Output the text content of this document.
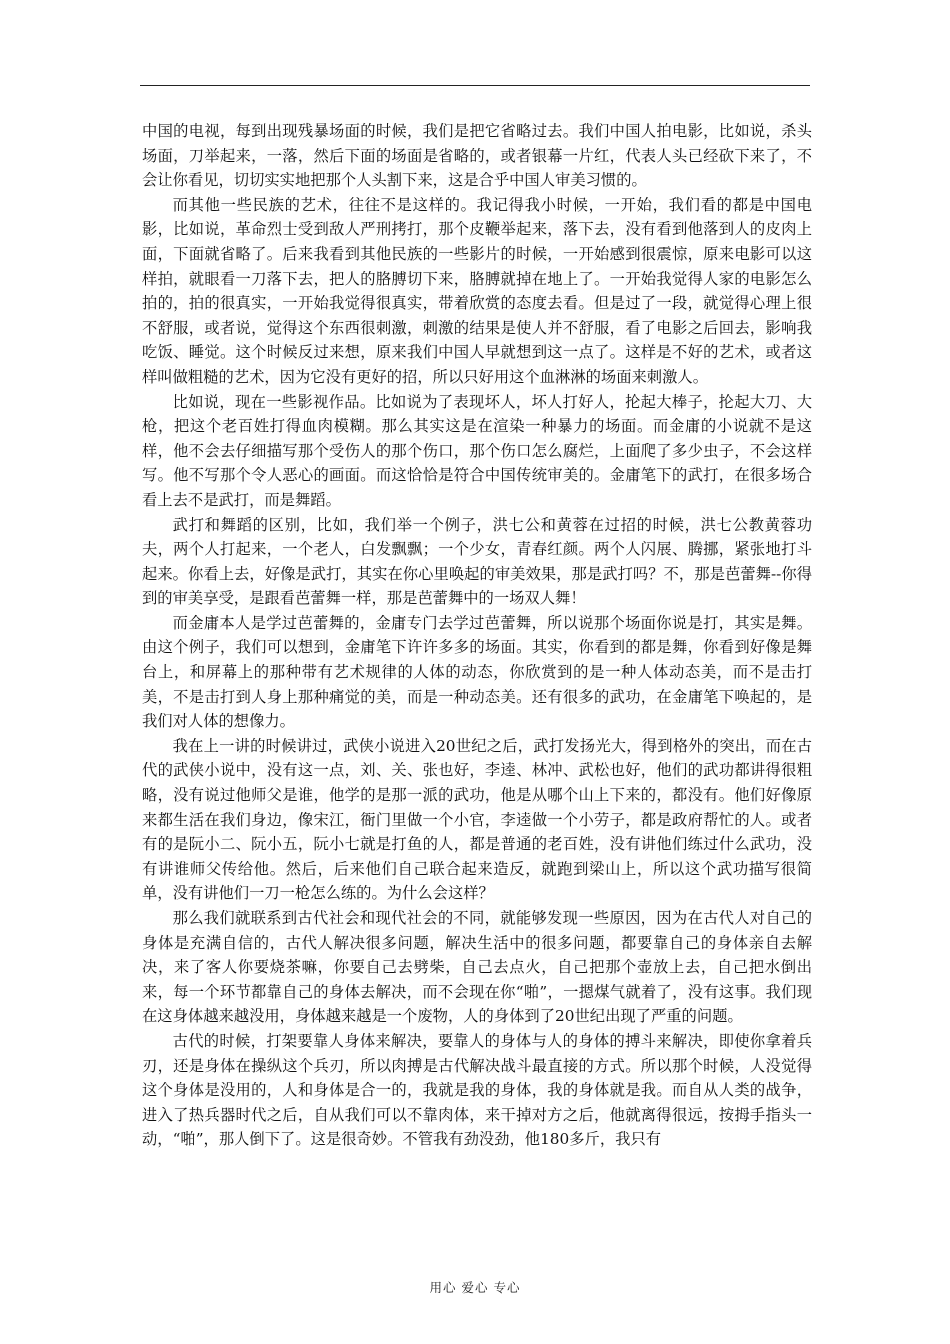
中国的电视，每到出现残暴场面的时候，我们是把它省略过去。我们中国人拍电影，比如说，杀头场面，刀举起来，一落，然后下面的场面是省略的，或者银幕一片红，代表人头已经砍下来了，不会让你看见，切切实实地把那个人头割下来，这是合乎中国人审美习惯的。

而其他一些民族的艺术，往往不是这样的。我记得我小时候，一开始，我们看的都是中国电影，比如说，革命烈士受到敌人严刑拷打，那个皮鞭举起来，落下去，没有看到他落到人的皮肉上面，下面就省略了。后来我看到其他民族的一些影片的时候，一开始感到很震惊，原来电影可以这样拍，就眼看一刀落下去，把人的胳膊切下来，胳膊就掉在地上了。一开始我觉得人家的电影怎么拍的，拍的很真实，一开始我觉得很真实，带着欣赏的态度去看。但是过了一段，就觉得心理上很不舒服，或者说，觉得这个东西很刺激，刺激的结果是使人并不舒服，看了电影之后回去，影响我吃饭、睡觉。这个时候反过来想，原来我们中国人早就想到这一点了。这样是不好的艺术，或者这样叫做粗糙的艺术，因为它没有更好的招，所以只好用这个血淋淋的场面来刺激人。

比如说，现在一些影视作品。比如说为了表现坏人，坏人打好人，抡起大棒子，抡起大刀、大枪，把这个老百姓打得血肉模糊。那么其实这是在渲染一种暴力的场面。而金庸的小说就不是这样，他不会去仔细描写那个受伤人的那个伤口，那个伤口怎么腐烂，上面爬了多少虫子，不会这样写。他不写那个令人恶心的画面。而这恰恰是符合中国传统审美的。金庸笔下的武打，在很多场合看上去不是武打，而是舞蹈。

武打和舞蹈的区别，比如，我们举一个例子，洪七公和黄蓉在过招的时候，洪七公教黄蓉功夫，两个人打起来，一个老人，白发飘飘；一个少女，青春红颜。两个人闪展、腾挪，紧张地打斗起来。你看上去，好像是武打，其实在你心里唤起的审美效果，那是武打吗？不，那是芭蕾舞--你得到的审美享受，是跟看芭蕾舞一样，那是芭蕾舞中的一场双人舞！

而金庸本人是学过芭蕾舞的，金庸专门去学过芭蕾舞，所以说那个场面你说是打，其实是舞。由这个例子，我们可以想到，金庸笔下许许多多的场面。其实，你看到的都是舞，你看到好像是舞台上，和屏幕上的那种带有艺术规律的人体的动态，你欣赏到的是一种人体动态美，而不是击打美，不是击打到人身上那种痛觉的美，而是一种动态美。还有很多的武功，在金庸笔下唤起的，是我们对人体的想像力。

我在上一讲的时候讲过，武侠小说进入20世纪之后，武打发扬光大，得到格外的突出，而在古代的武侠小说中，没有这一点，刘、关、张也好，李逵、林冲、武松也好，他们的武功都讲得很粗略，没有说过他师父是谁，他学的是那一派的武功，他是从哪个山上下来的，都没有。他们好像原来都生活在我们身边，像宋江，衙门里做一个小官，李逵做一个小劳子，都是政府帮忙的人。或者有的是阮小二、阮小五，阮小七就是打鱼的人，都是普通的老百姓，没有讲他们练过什么武功，没有讲谁师父传给他。然后，后来他们自己联合起来造反，就跑到梁山上，所以这个武功描写很简单，没有讲他们一刀一枪怎么练的。为什么会这样？

那么我们就联系到古代社会和现代社会的不同，就能够发现一些原因，因为在古代人对自己的身体是充满自信的，古代人解决很多问题，解决生活中的很多问题，都要靠自己的身体亲自去解决，来了客人你要烧茶嘛，你要自己去劈柴，自己去点火，自己把那个壶放上去，自己把水倒出来，每一个环节都靠自己的身体去解决，而不会现在你“啪”，一摁煤气就着了，没有这事。我们现在这身体越来越没用，身体越来越是一个废物，人的身体到了20世纪出现了严重的问题。

古代的时候，打架要靠人身体来解决，要靠人的身体与人的身体的搏斗来解决，即使你拿着兵刃，还是身体在操纵这个兵刃，所以肉搏是古代解决战斗最直接的方式。所以那个时候，人没觉得这个身体是没用的，人和身体是合一的，我就是我的身体，我的身体就是我。而自从人类的战争，进入了热兵器时代之后，自从我们可以不靠肉体，来干掉对方之后，他就离得很远，按拇手指头一动，“啪”，那人倒下了。这是很奇妙。不管我有劲没劲，他180多斤，我只有

用心 爱心 专心
